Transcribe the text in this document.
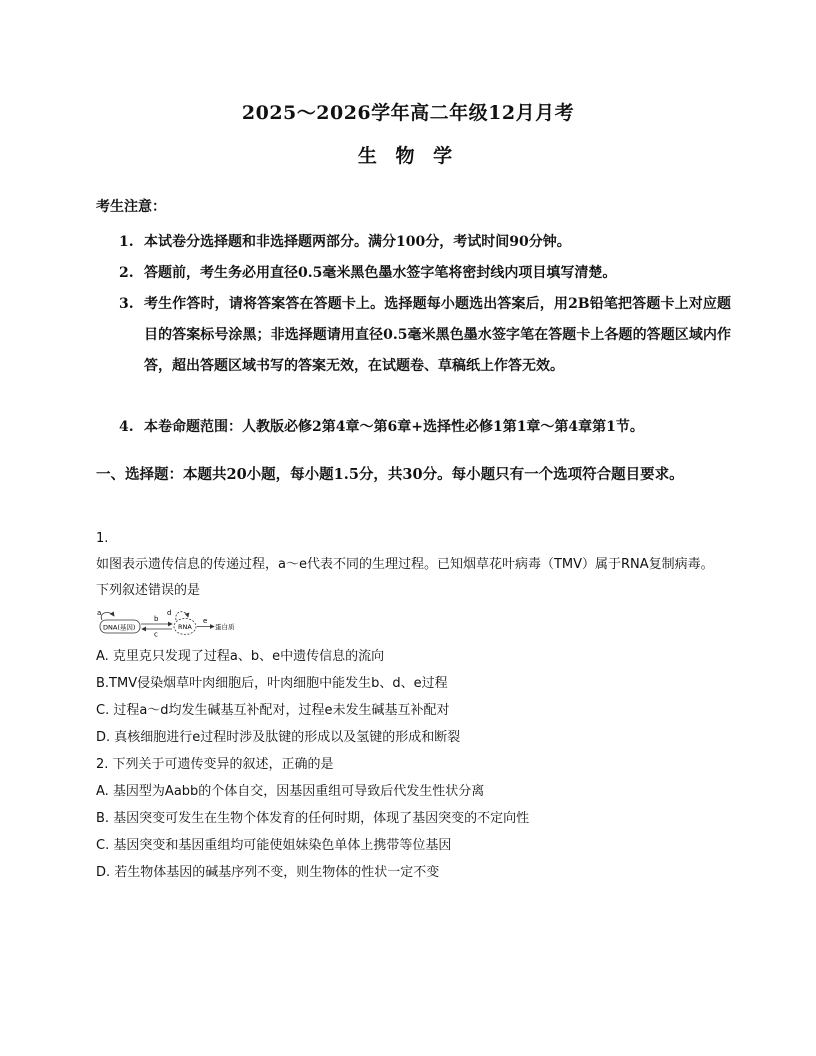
2025～2026学年高二年级12月月考
生 物 学
考生注意：
1. 本试卷分选择题和非选择题两部分。满分100分，考试时间90分钟。
2. 答题前，考生务必用直径0.5毫米黑色墨水签字笔将密封线内项目填写清楚。
3. 考生作答时，请将答案答在答题卡上。选择题每小题选出答案后，用2B铅笔把答题卡上对应题目的答案标号涂黑；非选择题请用直径0.5毫米黑色墨水签字笔在答题卡上各题的答题区域内作答，超出答题区域书写的答案无效，在试题卷、草稿纸上作答无效。
4. 本卷命题范围：人教版必修2第4章～第6章+选择性必修1第1章～第4章第1节。
一、选择题：本题共20小题，每小题1.5分，共30分。每小题只有一个选项符合题目要求。
1.
如图表示遗传信息的传递过程，a～e代表不同的生理过程。已知烟草花叶病毒（TMV）属于RNA复制病毒。下列叙述错误的是
a
DNA(基因)
b
c
RNA
d
e
蛋白质
A. 克里克只发现了过程a、b、e中遗传信息的流向
B.TMV侵染烟草叶肉细胞后，叶肉细胞中能发生b、d、e过程
C. 过程a～d均发生碱基互补配对，过程e未发生碱基互补配对
D. 真核细胞进行e过程时涉及肽键的形成以及氢键的形成和断裂
2. 下列关于可遗传变异的叙述，正确的是
A. 基因型为Aabb的个体自交，因基因重组可导致后代发生性状分离
B. 基因突变可发生在生物个体发育的任何时期，体现了基因突变的不定向性
C. 基因突变和基因重组均可能使姐妹染色单体上携带等位基因
D. 若生物体基因的碱基序列不变，则生物体的性状一定不变
